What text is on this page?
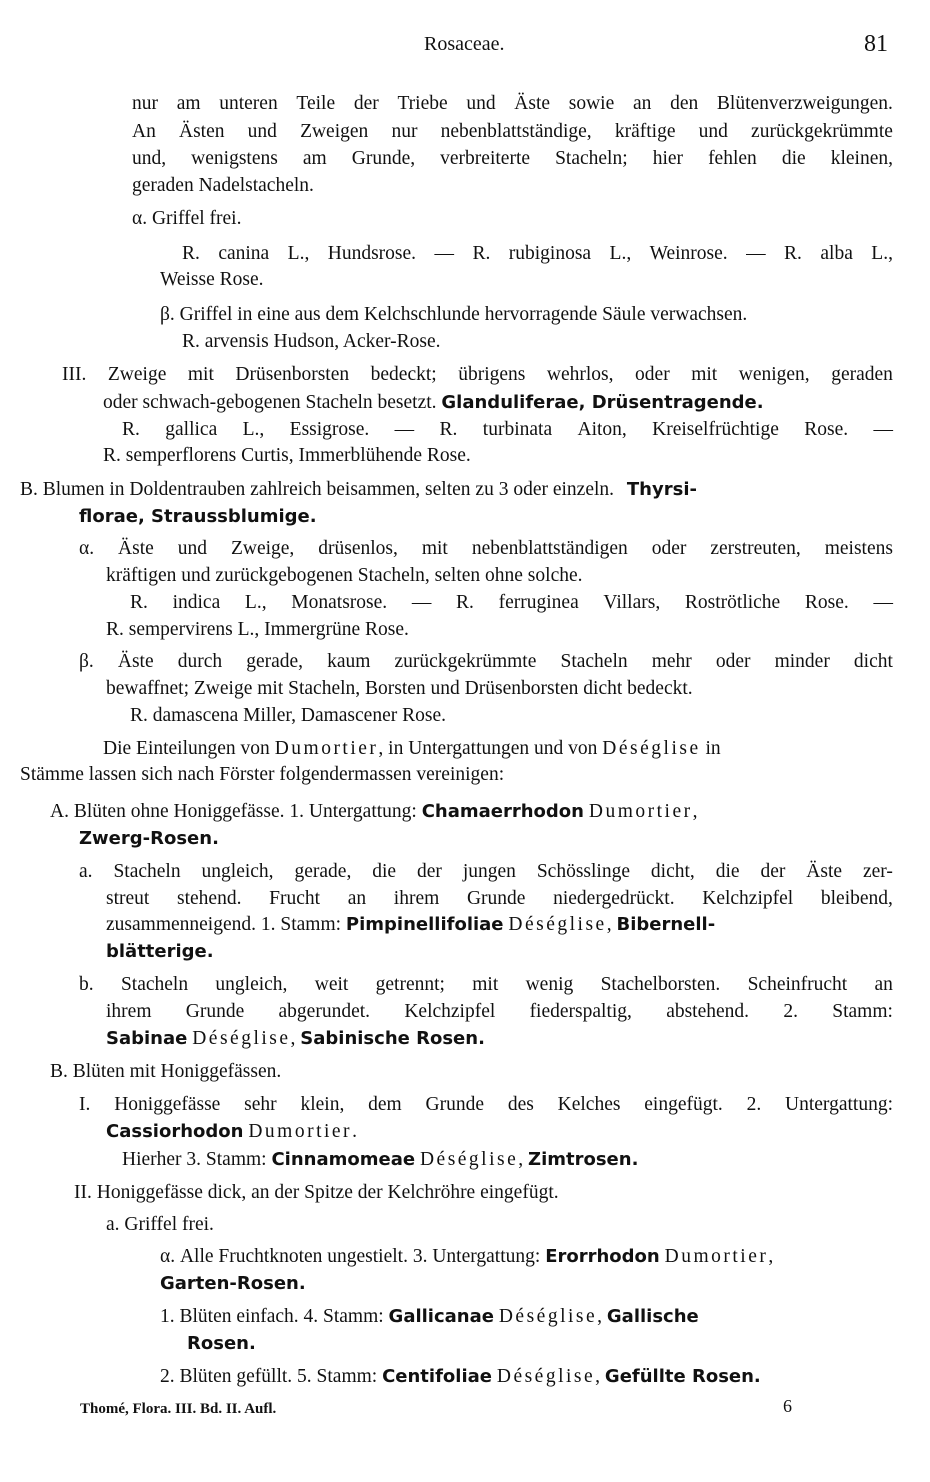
Rosaceae.	81
nur am unteren Teile der Triebe und Äste sowie an den Blütenverzweigungen.
An Ästen und Zweigen nur nebenblattständige, kräftige und zurückgekrümmte
und, wenigstens am Grunde, verbreiterte Stacheln; hier fehlen die kleinen,
geraden Nadelstacheln.
α. Griffel frei.
R. canina L., Hundsrose. — R. rubiginosa L., Weinrose. — R. alba L.,
Weisse Rose.
β. Griffel in eine aus dem Kelchschlunde hervorragende Säule verwachsen.
R. arvensis Hudson, Acker-Rose.
III. Zweige mit Drüsenborsten bedeckt; übrigens wehrlos, oder mit wenigen, geraden
oder schwach-gebogenen Stacheln besetzt. Glanduliferae, Drüsentragende.
R. gallica L., Essigrose. — R. turbinata Aiton, Kreiselfrüchtige Rose. —
R. semperflorens Curtis, Immerblühende Rose.
B. Blumen in Doldentrauben zahlreich beisammen, selten zu 3 oder einzeln. Thyrsi-
florae, Straussblumige.
α. Äste und Zweige, drüsenlos, mit nebenblattständigen oder zerstreuten, meistens
kräftigen und zurückgebogenen Stacheln, selten ohne solche.
R. indica L., Monatsrose. — R. ferruginea Villars, Roströtliche Rose. —
R. sempervirens L., Immergrüne Rose.
β. Äste durch gerade, kaum zurückgekrümmte Stacheln mehr oder minder dicht
bewaffnet; Zweige mit Stacheln, Borsten und Drüsenborsten dicht bedeckt.
R. damascena Miller, Damascener Rose.
Die Einteilungen von Dumortier, in Untergattungen und von Déséglise in
Stämme lassen sich nach Förster folgendermassen vereinigen:
A. Blüten ohne Honiggefässe. 1. Untergattung: Chamaerrhodon Dumortier,
Zwerg-Rosen.
a. Stacheln ungleich, gerade, die der jungen Schösslinge dicht, die der Äste zer-
streut stehend. Frucht an ihrem Grunde niedergedrückt. Kelchzipfel bleibend,
zusammenneigend. 1. Stamm: Pimpinellifoliae Déséglise, Bibernell-
blätterige.
b. Stacheln ungleich, weit getrennt; mit wenig Stachelborsten. Scheinfrucht an
ihrem Grunde abgerundet. Kelchzipfel fiederspaltig, abstehend. 2. Stamm:
Sabinae Déséglise, Sabinische Rosen.
B. Blüten mit Honiggefässen.
I. Honiggefässe sehr klein, dem Grunde des Kelches eingefügt. 2. Untergattung:
Cassiorhodon Dumortier.
Hierher 3. Stamm: Cinnamomeae Déséglise, Zimtrosen.
II. Honiggefässe dick, an der Spitze der Kelchröhre eingefügt.
a. Griffel frei.
α. Alle Fruchtknoten ungestielt. 3. Untergattung: Erorrhodon Dumortier,
Garten-Rosen.
1. Blüten einfach. 4. Stamm: Gallicanae Déséglise, Gallische
Rosen.
2. Blüten gefüllt. 5. Stamm: Centifoliae Déséglise, Gefüllte Rosen.
Thomé, Flora. III. Bd. II. Aufl.	6
